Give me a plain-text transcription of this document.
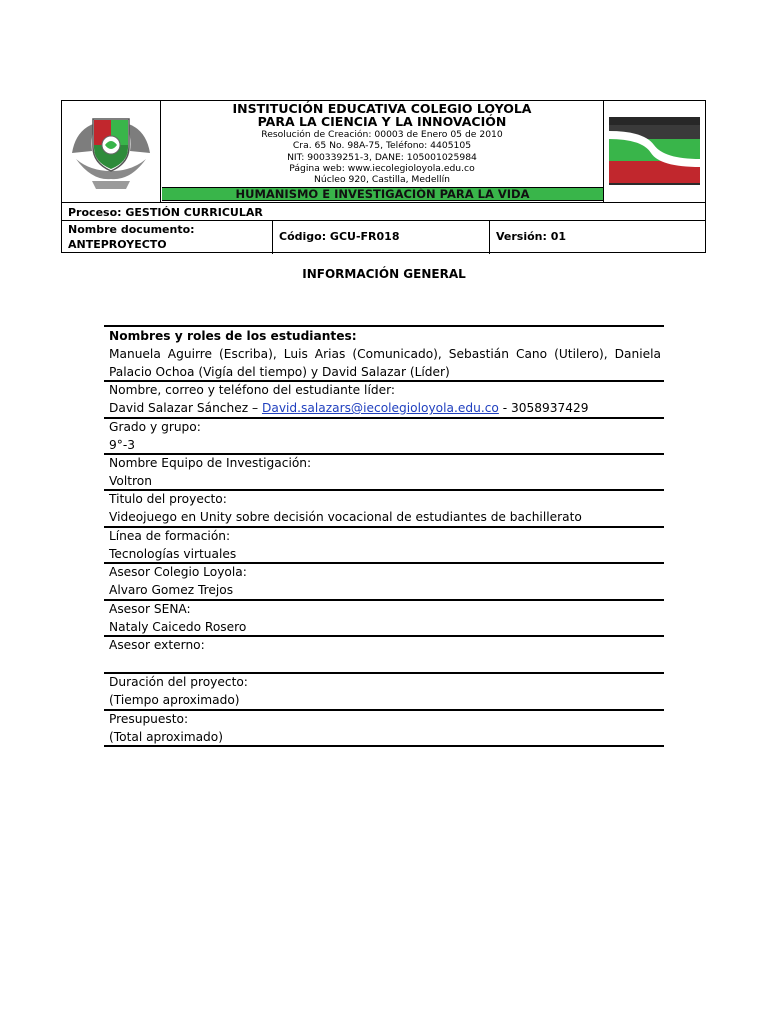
INSTITUCIÓN EDUCATIVA COLEGIO LOYOLA
PARA LA CIENCIA Y LA INNOVACIÓN
Resolución de Creación: 00003 de Enero 05 de 2010
Cra. 65 No. 98A-75, Teléfono: 4405105
NIT: 900339251-3, DANE: 105001025984
Página web: www.iecolegioloyola.edu.co
Núcleo 920, Castilla, Medellín
HUMANISMO E INVESTIGACIÓN PARA LA VIDA
Proceso: GESTIÓN CURRICULAR
Nombre documento:
ANTEPROYECTO
Código: GCU-FR018	Versión: 01
INFORMACIÓN GENERAL
Nombres y roles de los estudiantes:
Manuela Aguirre (Escriba), Luis Arias (Comunicado), Sebastián Cano (Utilero), Daniela
Palacio Ochoa (Vigía del tiempo) y David Salazar (Líder)
Nombre, correo y teléfono del estudiante líder:
David Salazar Sánchez – David.salazars@iecolegioloyola.edu.co - 3058937429
Grado y grupo:
9°-3
Nombre Equipo de Investigación:
Voltron
Titulo del proyecto:
Videojuego en Unity sobre decisión vocacional de estudiantes de bachillerato
Línea de formación:
Tecnologías virtuales
Asesor Colegio Loyola:
Alvaro Gomez Trejos
Asesor SENA:
Nataly Caicedo Rosero
Asesor externo:
Duración del proyecto:
(Tiempo aproximado)
Presupuesto:
(Total aproximado)
